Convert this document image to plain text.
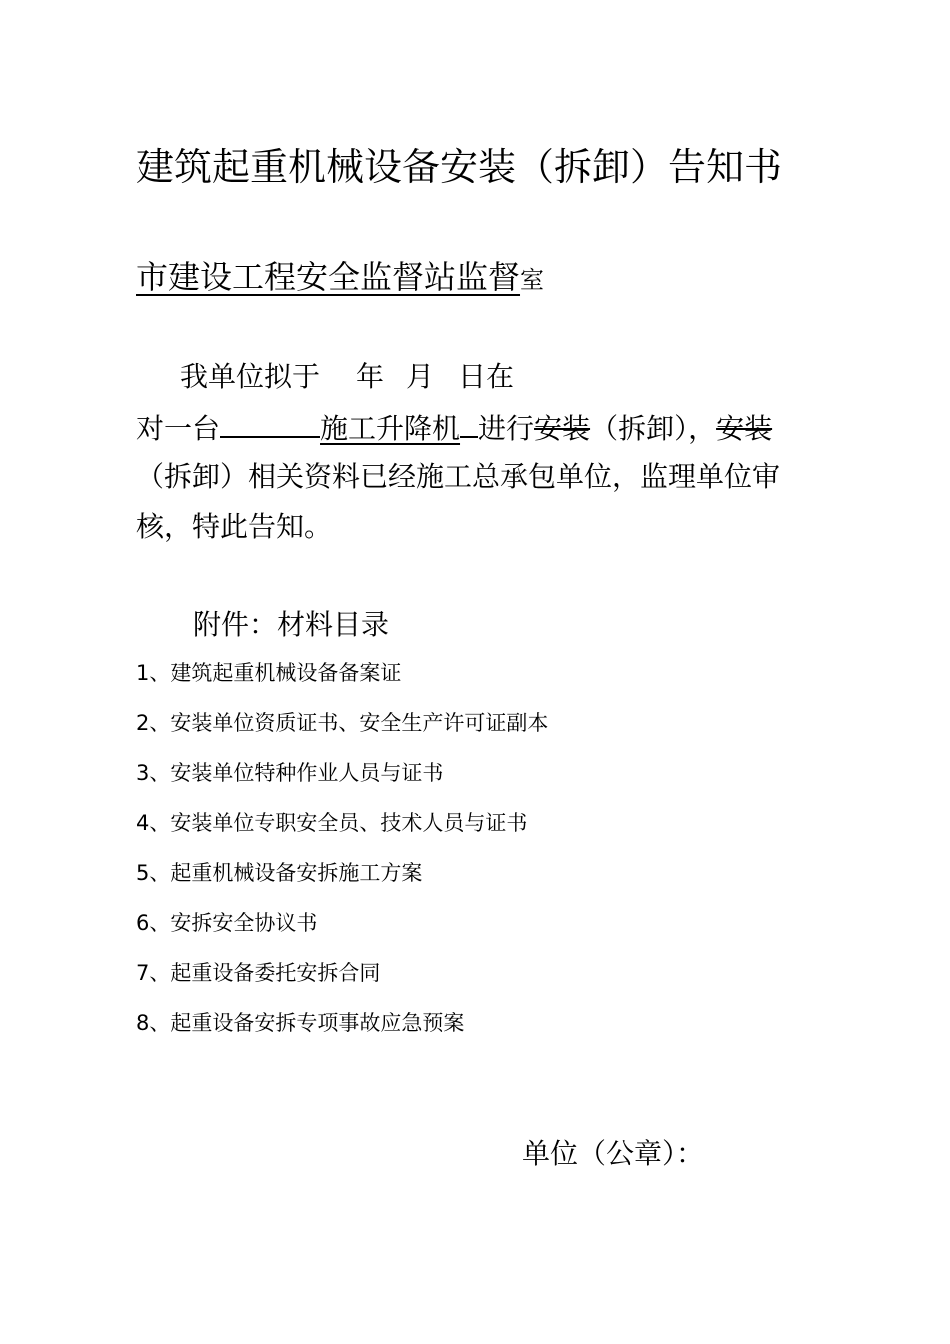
建筑起重机械设备安装（拆卸）告知书
市建设工程安全监督站监督室
我单位拟于 年 月 日在
对一台	施工升降机 进行安装（拆卸），安装
（拆卸）相关资料已经施工总承包单位，监理单位审
核，特此告知。
附件：材料目录
1、建筑起重机械设备备案证
2、安装单位资质证书、安全生产许可证副本
3、安装单位特种作业人员与证书
4、安装单位专职安全员、技术人员与证书
5、起重机械设备安拆施工方案
6、安拆安全协议书
7、起重设备委托安拆合同
8、起重设备安拆专项事故应急预案
单位（公章）：
